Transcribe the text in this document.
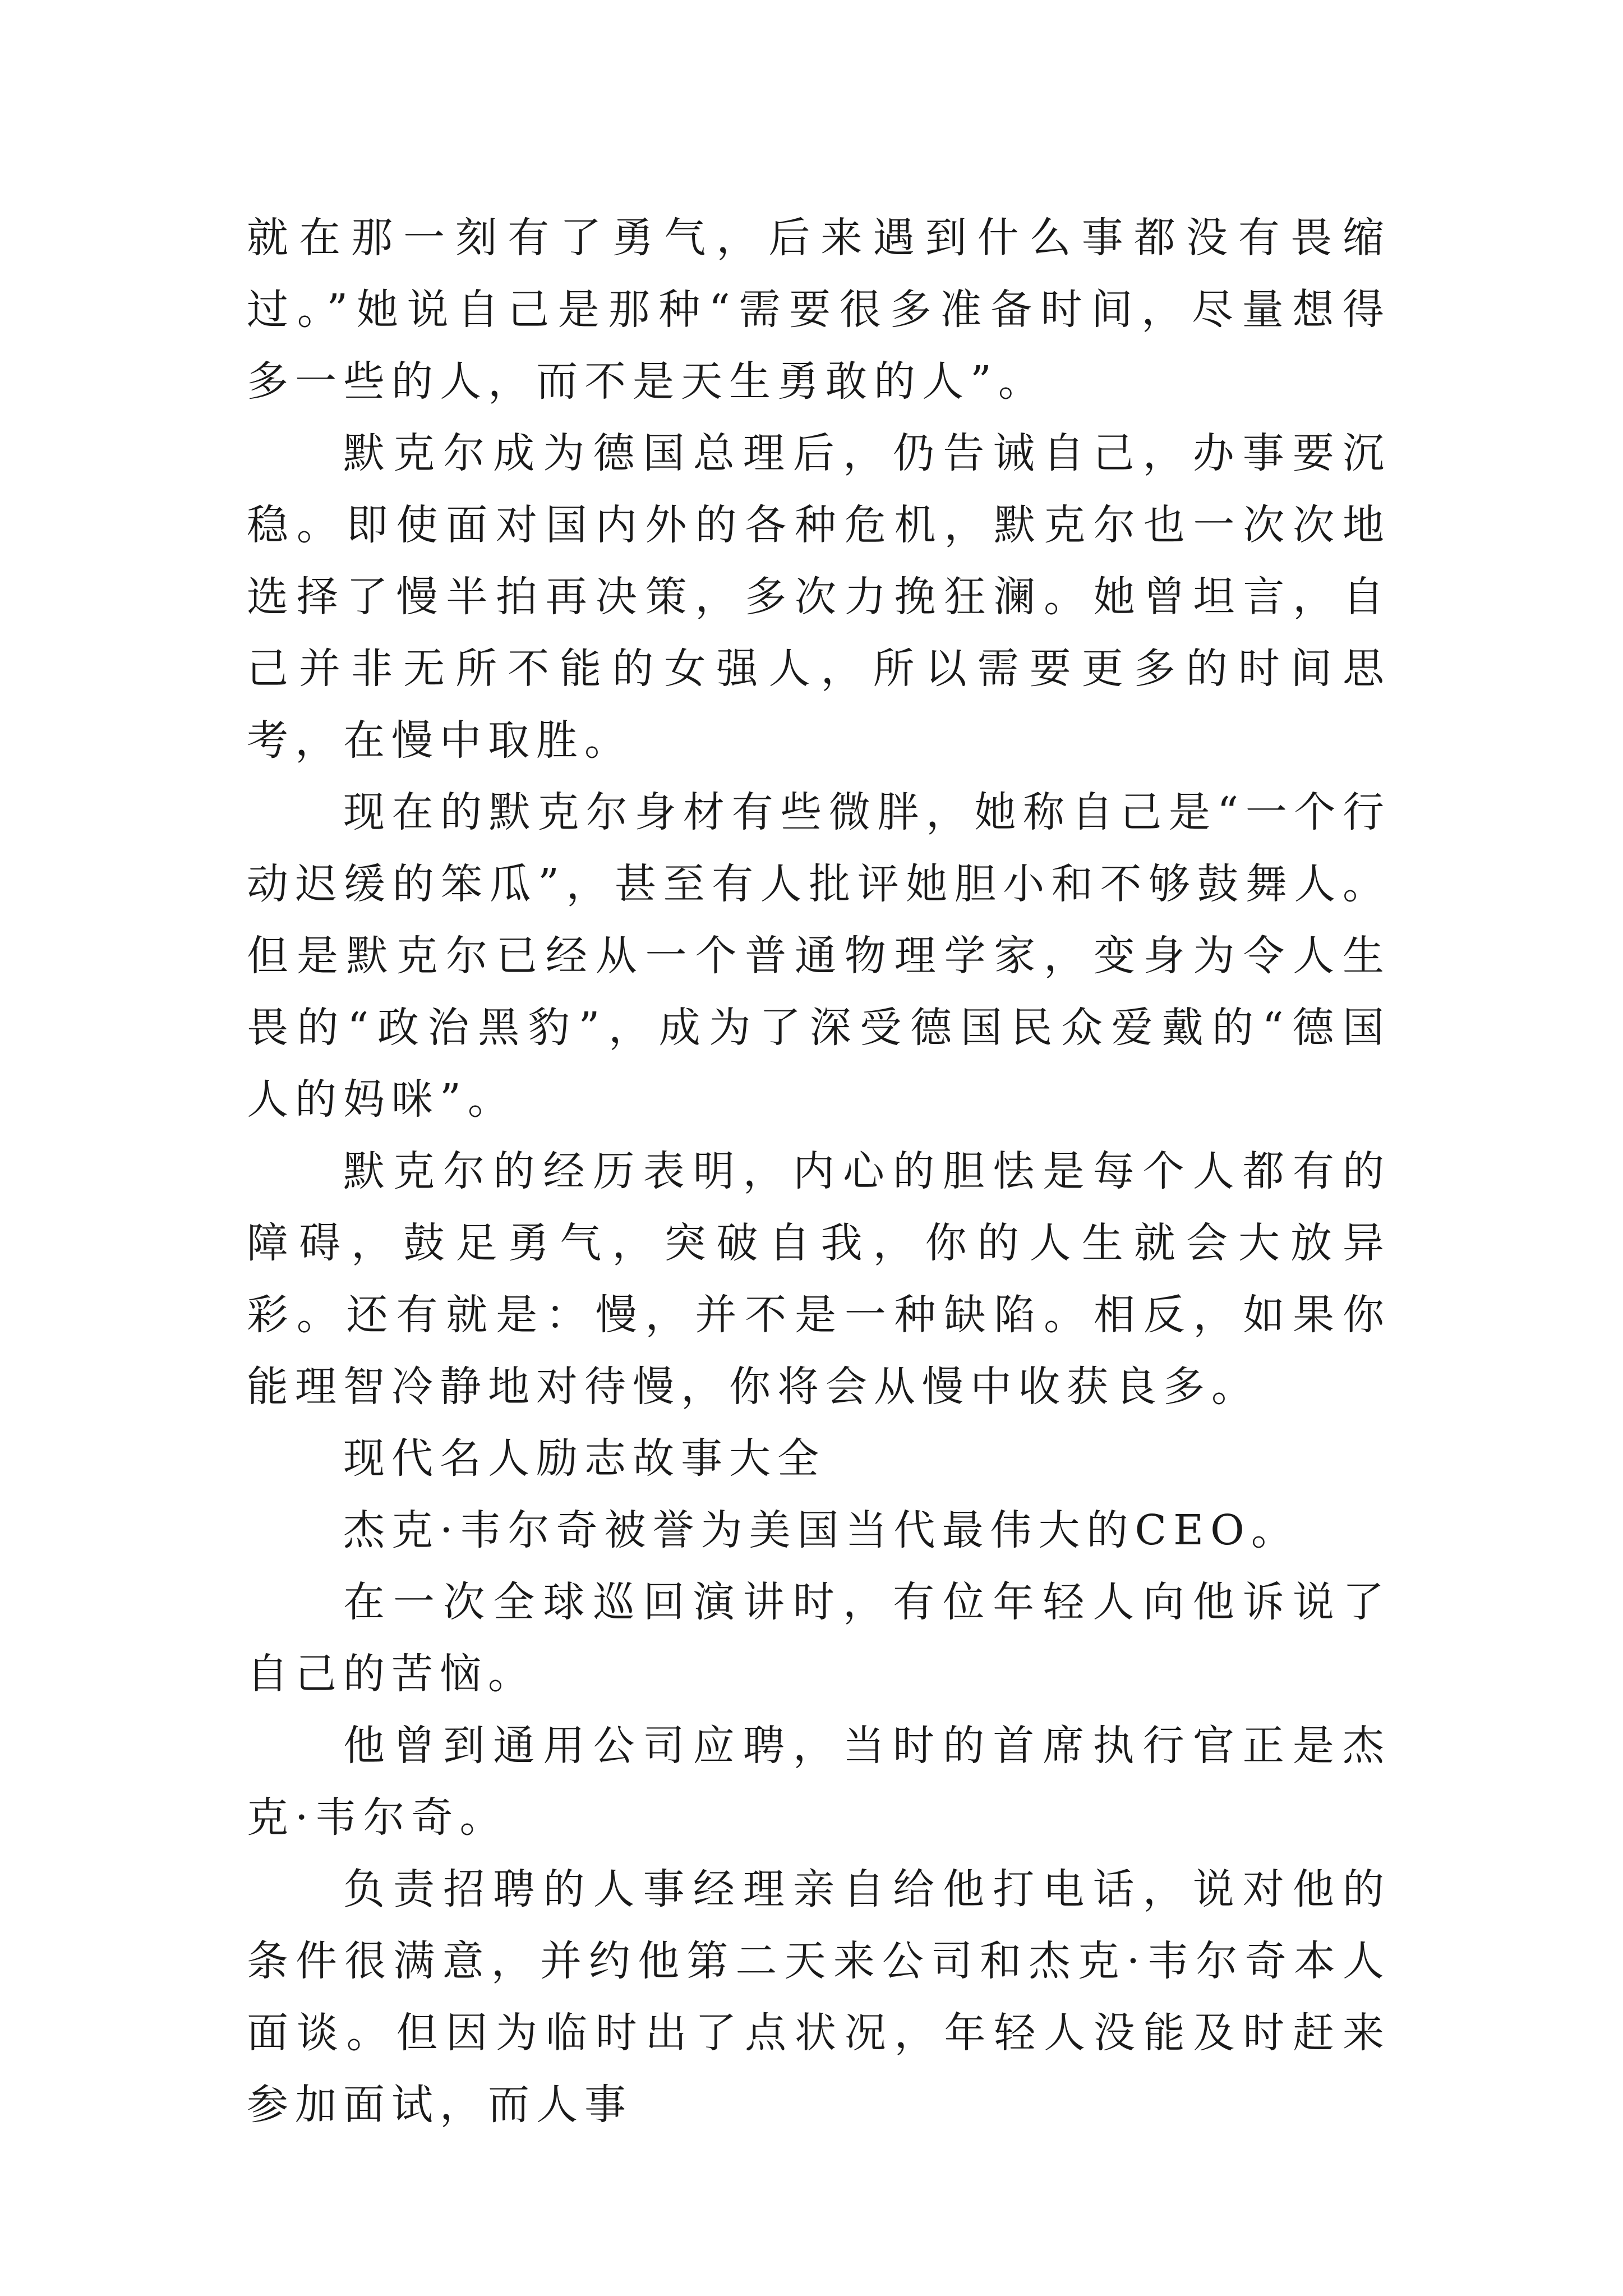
就在那一刻有了勇气，后来遇到什么事都没有畏缩过。”她说自己是那种“需要很多准备时间，尽量想得多一些的人，而不是天生勇敢的人”。

默克尔成为德国总理后，仍告诫自己，办事要沉稳。即使面对国内外的各种危机，默克尔也一次次地选择了慢半拍再决策，多次力挽狂澜。她曾坦言，自己并非无所不能的女强人，所以需要更多的时间思考，在慢中取胜。

现在的默克尔身材有些微胖，她称自己是“一个行动迟缓的笨瓜”，甚至有人批评她胆小和不够鼓舞人。但是默克尔已经从一个普通物理学家，变身为令人生畏的“政治黑豹”，成为了深受德国民众爱戴的“德国人的妈咪”。

默克尔的经历表明，内心的胆怯是每个人都有的障碍，鼓足勇气，突破自我，你的人生就会大放异彩。还有就是：慢，并不是一种缺陷。相反，如果你能理智冷静地对待慢，你将会从慢中收获良多。

现代名人励志故事大全

杰克·韦尔奇被誉为美国当代最伟大的CEO。

在一次全球巡回演讲时，有位年轻人向他诉说了自己的苦恼。

他曾到通用公司应聘，当时的首席执行官正是杰克·韦尔奇。

负责招聘的人事经理亲自给他打电话，说对他的条件很满意，并约他第二天来公司和杰克·韦尔奇本人面谈。但因为临时出了点状况，年轻人没能及时赶来参加面试，而人事
